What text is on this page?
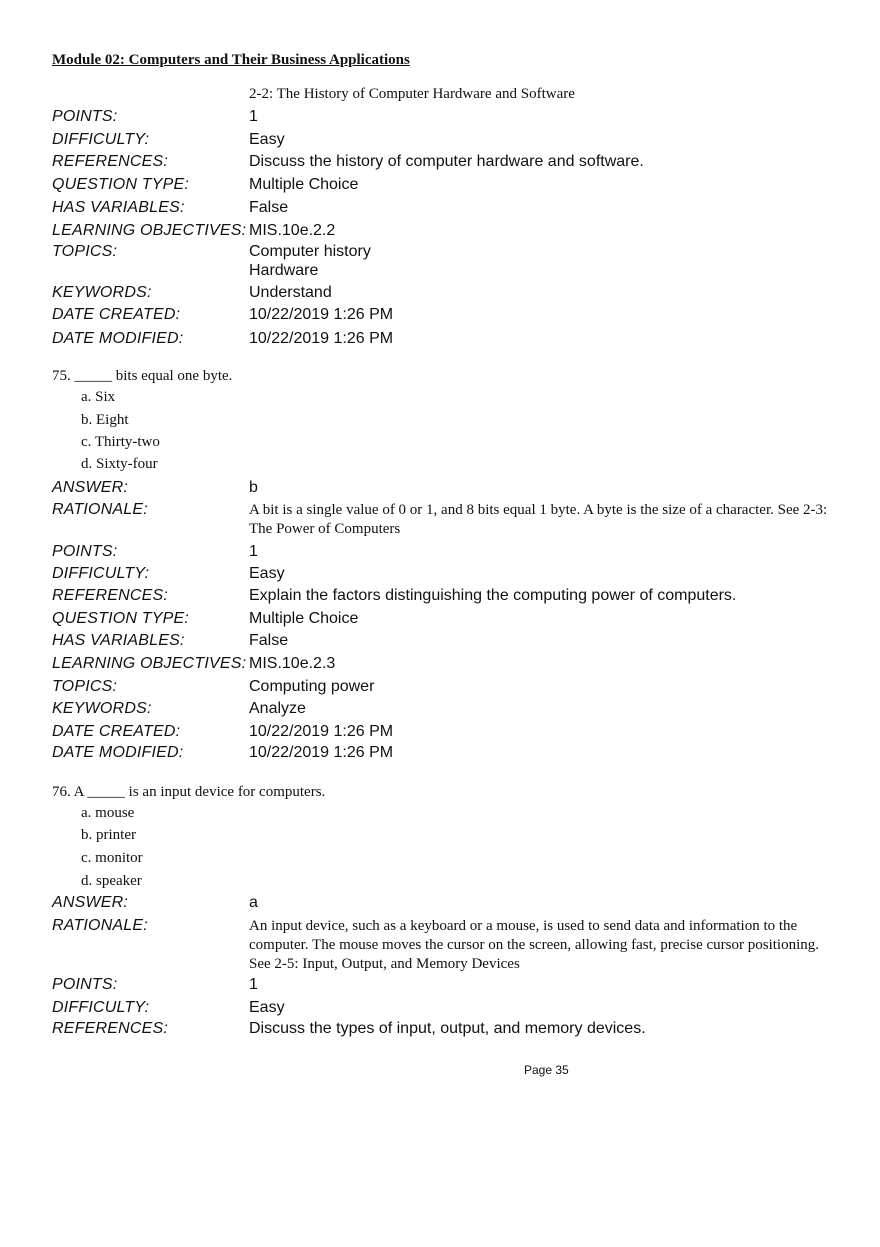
Module 02: Computers and Their Business Applications
2-2: The History of Computer Hardware and Software
POINTS:	1
DIFFICULTY:	Easy
REFERENCES:	Discuss the history of computer hardware and software.
QUESTION TYPE:	Multiple Choice
HAS VARIABLES:	False
LEARNING OBJECTIVES: MIS.10e.2.2
TOPICS:	Computer history
Hardware
KEYWORDS:	Understand
DATE CREATED:	10/22/2019 1:26 PM
DATE MODIFIED:	10/22/2019 1:26 PM
75. _____ bits equal one byte.
a. Six
b. Eight
c. Thirty-two
d. Sixty-four
ANSWER:	b
RATIONALE:	A bit is a single value of 0 or 1, and 8 bits equal 1 byte. A byte is the size of a character. See 2-3: The Power of Computers
POINTS:	1
DIFFICULTY:	Easy
REFERENCES:	Explain the factors distinguishing the computing power of computers.
QUESTION TYPE:	Multiple Choice
HAS VARIABLES:	False
LEARNING OBJECTIVES: MIS.10e.2.3
TOPICS:	Computing power
KEYWORDS:	Analyze
DATE CREATED:	10/22/2019 1:26 PM
DATE MODIFIED:	10/22/2019 1:26 PM
76. A _____ is an input device for computers.
a. mouse
b. printer
c. monitor
d. speaker
ANSWER:	a
RATIONALE:	An input device, such as a keyboard or a mouse, is used to send data and information to the computer. The mouse moves the cursor on the screen, allowing fast, precise cursor positioning. See 2-5: Input, Output, and Memory Devices
POINTS:	1
DIFFICULTY:	Easy
REFERENCES:	Discuss the types of input, output, and memory devices.
Page 35
